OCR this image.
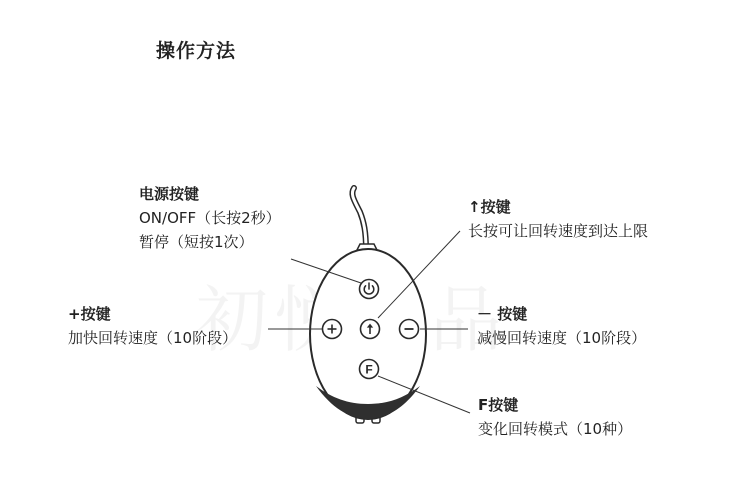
操作方法
F
电源按键
ON/OFF（长按2秒）
暂停（短按1次）
↑按键
长按可让回转速度到达上限
+按键
加快回转速度（10阶段）
－ 按键
减慢回转速度（10阶段）
F按键
变化回转模式（10种）
